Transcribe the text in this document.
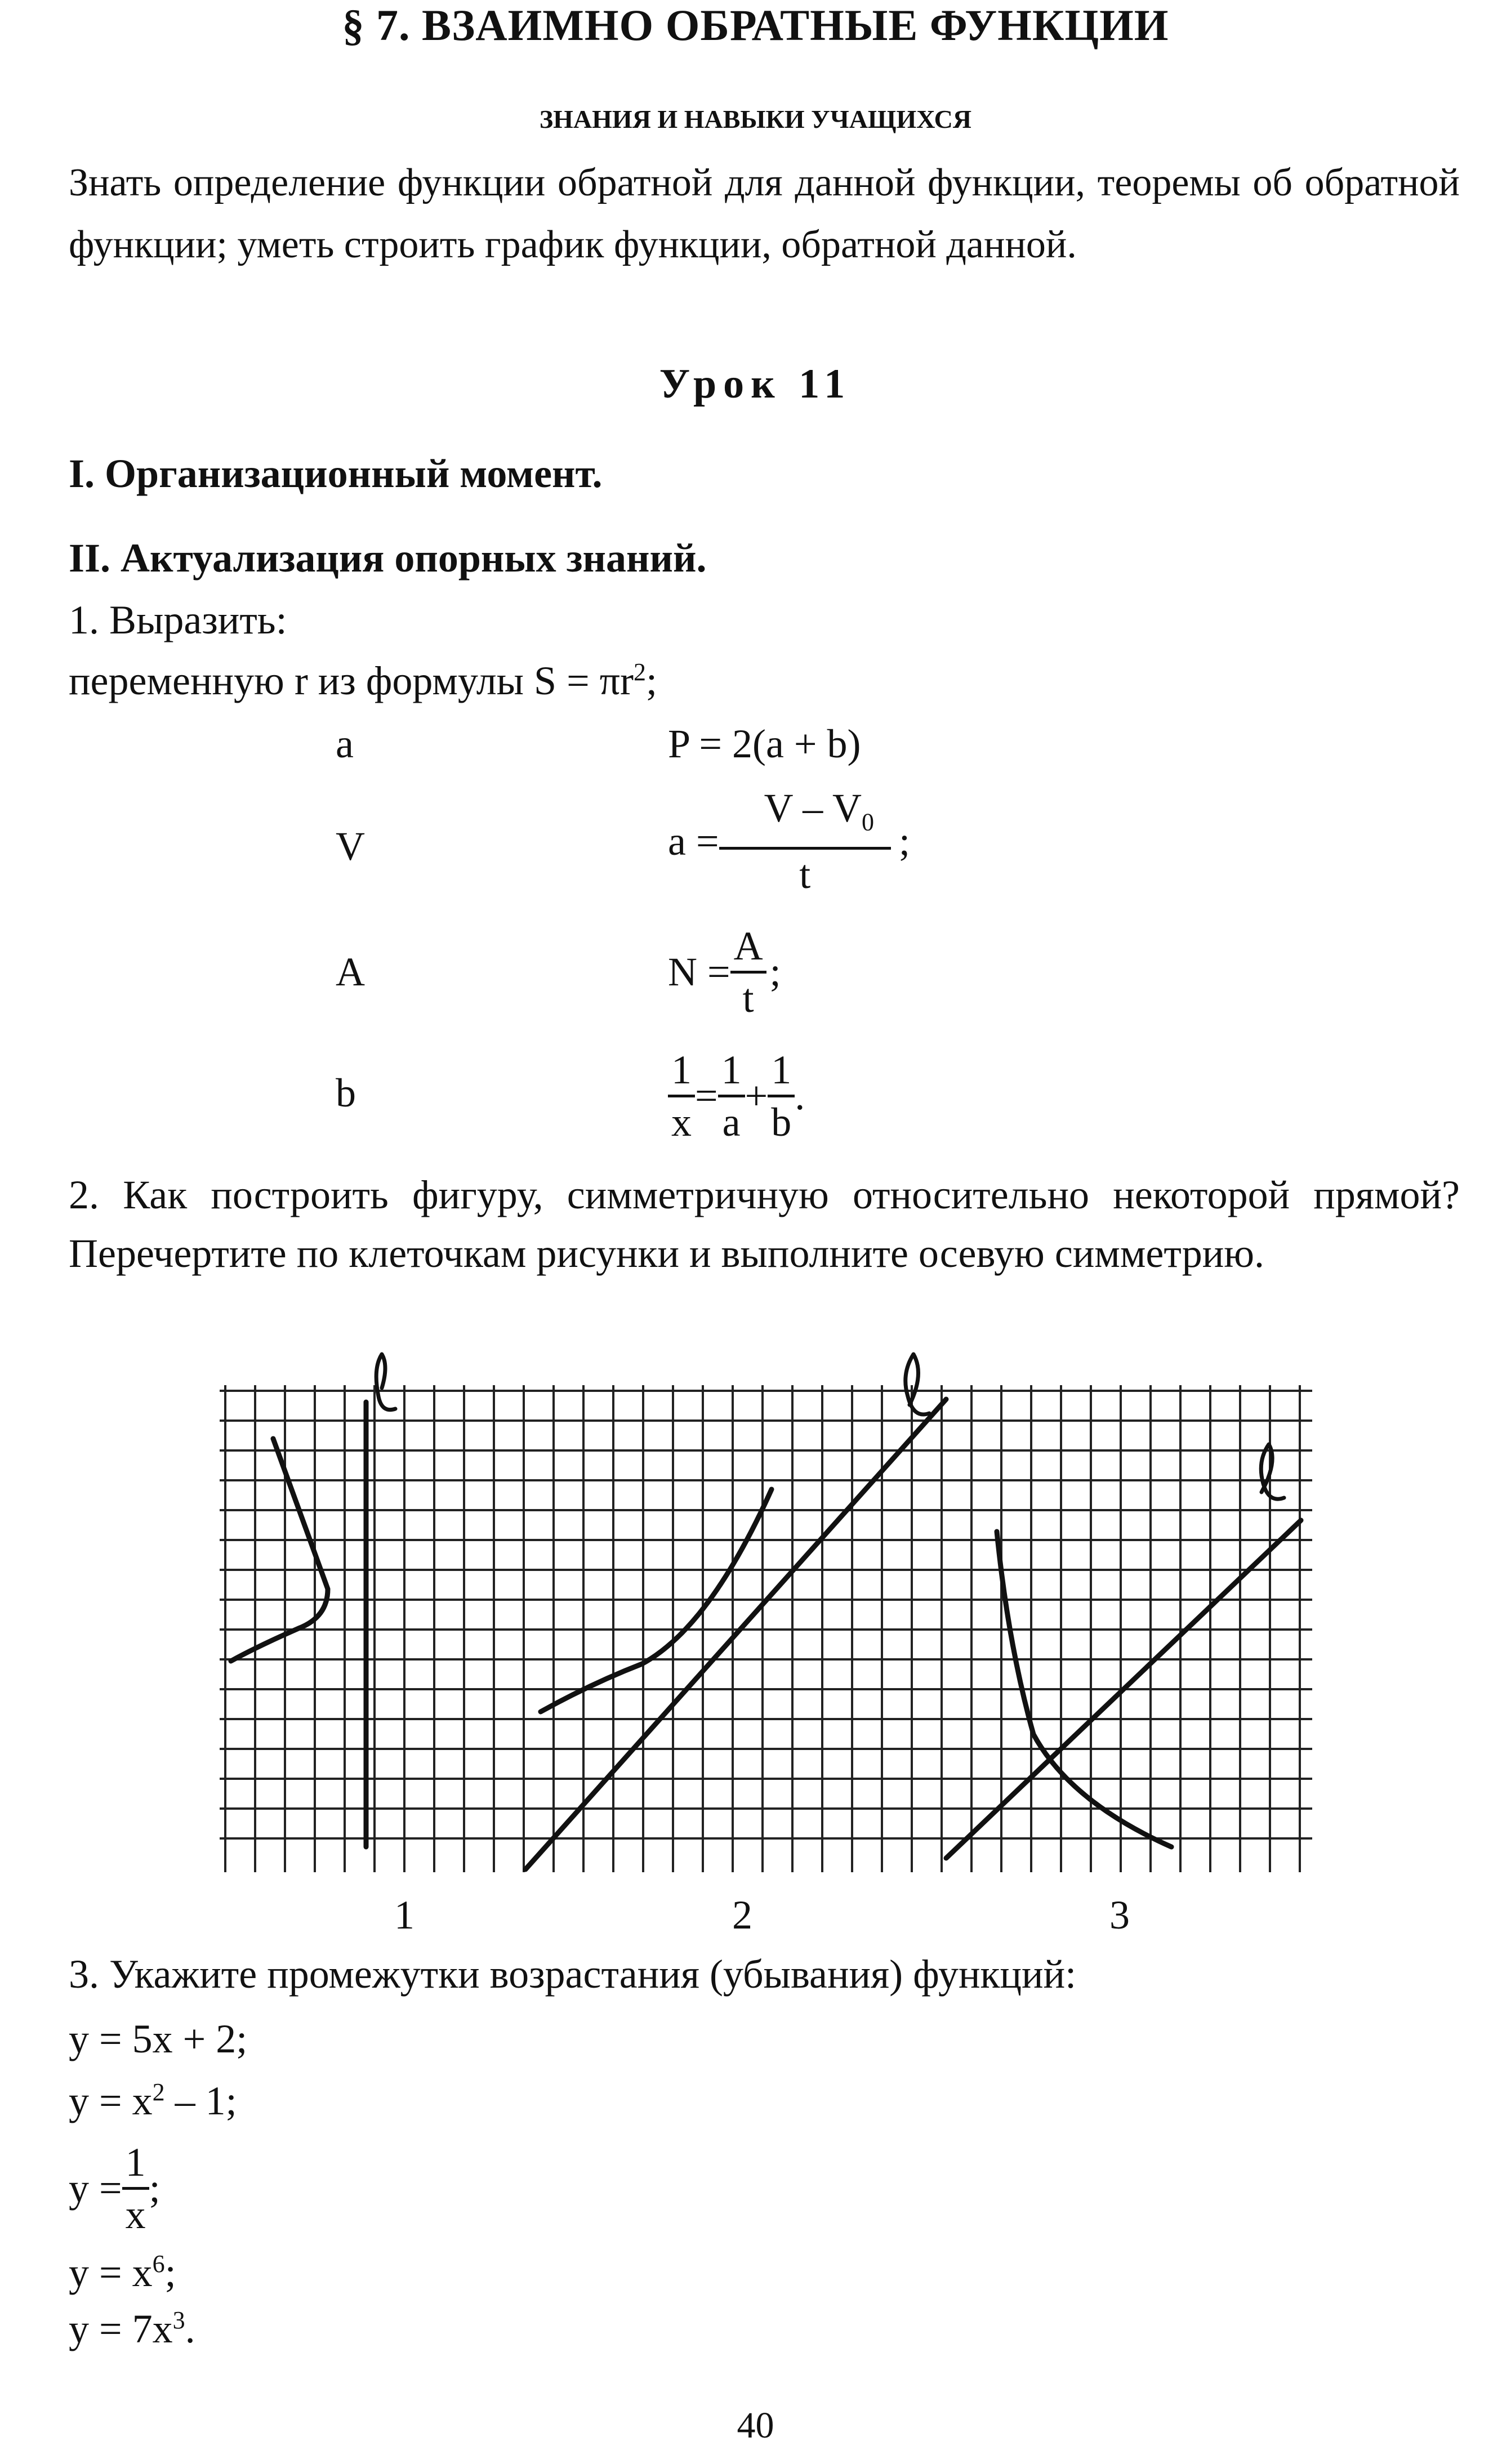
§ 7. ВЗАИМНО ОБРАТНЫЕ ФУНКЦИИ
ЗНАНИЯ И НАВЫКИ УЧАЩИХСЯ
Знать определение функции обратной для данной функции, теоремы об обратной функции; уметь строить график функции, обратной данной.
Урок 11
I. Организационный момент.
II. Актуализация опорных знаний.
1. Выразить:
переменную r из формулы $S = \pi r^2$;
a	P = 2(a + b)
V	$a = \frac{V - V_0}{t}$ ;
A	$N = \frac{A}{t}$ ;
b	$\frac{1}{x} = \frac{1}{a} + \frac{1}{b}$ .
2. Как построить фигуру, симметричную относительно некоторой прямой? Перечертите по клеточкам рисунки и выполните осевую симметрию.
1	2	3
3. Укажите промежутки возрастания (убывания) функций:
y = 5x + 2;
$y = x^2 - 1$;
$y = \frac{1}{x}$ ;
$y = x^6$;
$y = 7x^3$.
40
